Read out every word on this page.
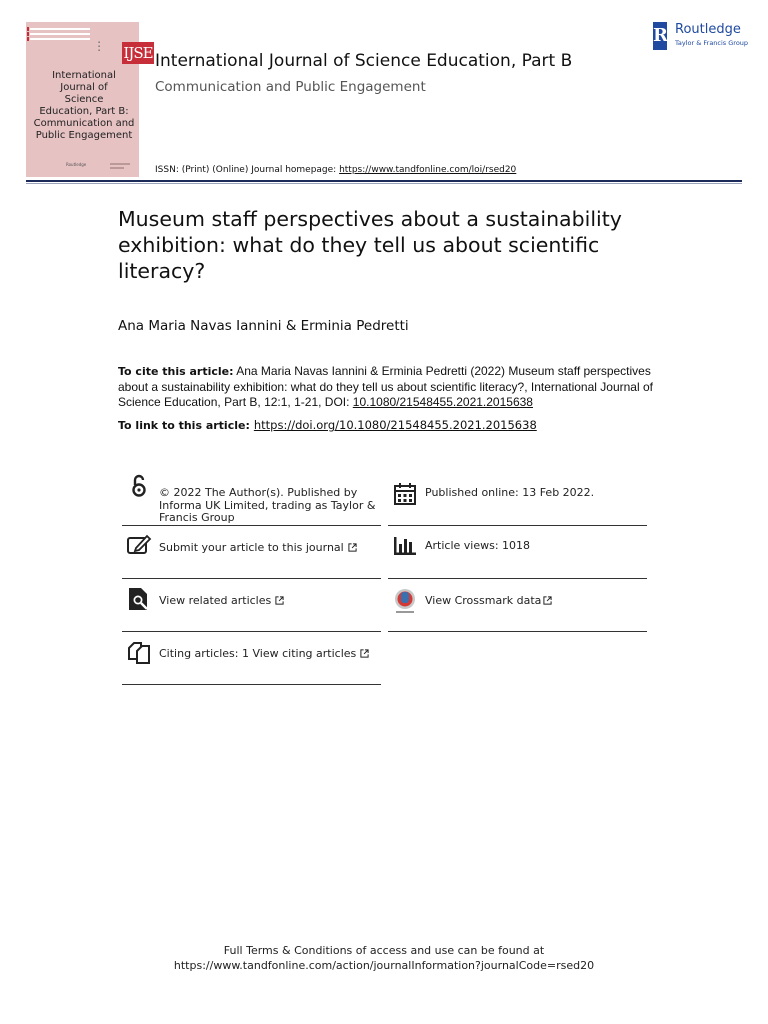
▪
▪
▪	IJSE
International
Journal of
Science
Education, Part B:
Communication and
Public Engagement
Routledge
International Journal of Science Education, Part B
Communication and Public Engagement
ISSN: (Print) (Online) Journal homepage: https://www.tandfonline.com/loi/rsed20
R Routledge
Taylor & Francis Group
Museum staff perspectives about a sustainability exhibition: what do they tell us about scientific literacy?
Ana Maria Navas Iannini & Erminia Pedretti
To cite this article: Ana Maria Navas Iannini & Erminia Pedretti (2022) Museum staff perspectives about a sustainability exhibition: what do they tell us about scientific literacy?, International Journal of Science Education, Part B, 12:1, 1-21, DOI: 10.1080/21548455.2021.2015638
To link to this article: https://doi.org/10.1080/21548455.2021.2015638
© 2022 The Author(s). Published by Informa UK Limited, trading as Taylor & Francis Group
Published online: 13 Feb 2022.
Submit your article to this journal	Article views: 1018
View related articles	View Crossmark data
Citing articles: 1 View citing articles
Full Terms & Conditions of access and use can be found at
https://www.tandfonline.com/action/journalInformation?journalCode=rsed20
